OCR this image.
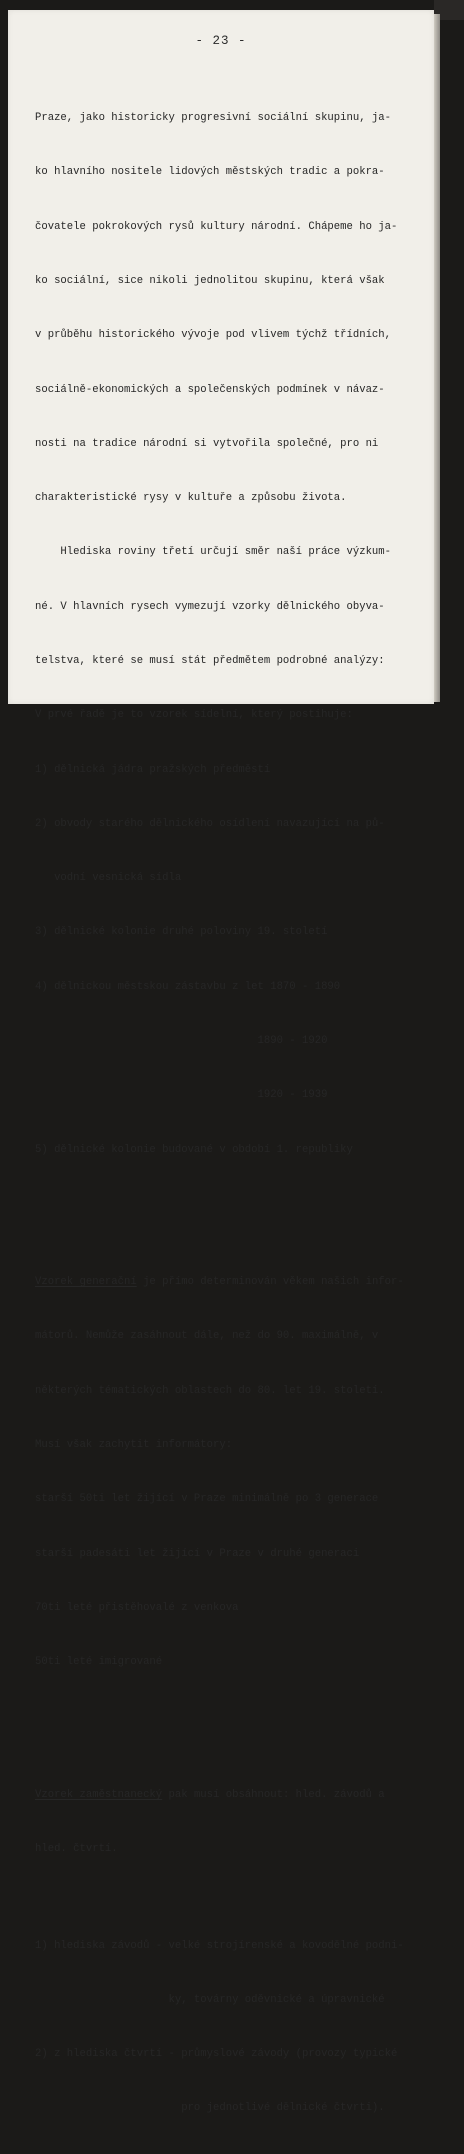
- 23 -

Praze, jako historicky progresivní sociální skupinu, ja-

ko hlavního nositele lidových městských tradic a pokra-

čovatele pokrokových rysů kultury národní. Chápeme ho ja-

ko sociální, sice nikoli jednolitou skupinu, která však

v průběhu historického vývoje pod vlivem týchž třídních,

sociálně-ekonomických a společenských podmínek v návaz-

nosti na tradice národní si vytvořila společné, pro ni

charakteristické rysy v kultuře a způsobu života.

Hlediska roviny třetí určují směr naší práce výzkum-

né. V hlavních rysech vymezují vzorky dělnického obyva-

telstva, které se musí stát předmětem podrobné analýzy:

V prvé řadě je to vzorek sídelní, který postihuje:

1) dělnická jádra pražských předměstí

2) obvody starého dělnického osídlení navazující na pů-

vodní vesnická sídla

3) dělnické kolonie druhé poloviny 19. století

4) dělnickou městskou zástavbu z let 1870 - 1890

1890 - 1920

1920 - 1939

5) dělnické kolonie budované v období 1. republiky

Vzorek generační je přímo determinován věkem našich infor-

mátorů. Nemůže zasáhnout dále, než do 90. maximálně, v

některých tématických oblastech do 80. let 19. století.

Musí však zachytit informátory:

starší 50ti let žijící v Praze minimálně po 3 generace

starší padesáti let žijící v Praze v druhé generaci

70ti leté přistěhovalé z venkova

50ti leté imigrované

Vzorek zaměstnanecký pak musí obsáhnout: hled. závodů a

hled. čtvrtí.

1) hlediska závodů - velké strojírenské a kovodělné podni-

ky, továrny oděvnické a úpravnické

2) z hlediska čtvrtí - průmyslové závody (provozy typické

pro jednotlivé dělnické čtvrti).
